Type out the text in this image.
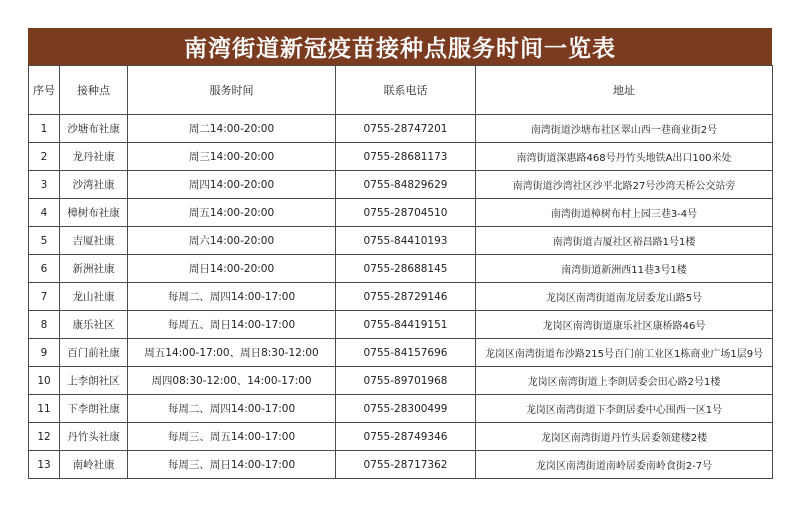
南湾街道新冠疫苗接种点服务时间一览表
序号	接种点	服务时间	联系电话	地址
1	沙塘布社康	周二14:00-20:00	0755-28747201	南湾街道沙塘布社区翠山西一巷商业街2号
2	龙丹社康	周三14:00-20:00	0755-28681173	南湾街道深惠路468号丹竹头地铁A出口100米处
3	沙湾社康	周四14:00-20:00	0755-84829629	南湾街道沙湾社区沙平北路27号沙湾天桥公交站旁
4	樟树布社康	周五14:00-20:00	0755-28704510	南湾街道樟树布村上园三巷3-4号
5	吉厦社康	周六14:00-20:00	0755-84410193	南湾街道吉厦社区裕昌路1号1楼
6	新洲社康	周日14:00-20:00	0755-28688145	南湾街道新洲西11巷3号1楼
7	龙山社康	每周二、周四14:00-17:00	0755-28729146	龙岗区南湾街道南龙居委龙山路5号
8	康乐社区	每周五、周日14:00-17:00	0755-84419151	龙岗区南湾街道康乐社区康桥路46号
9	百门前社康	周五14:00-17:00、周日8:30-12:00	0755-84157696	龙岗区南湾街道布沙路215号百门前工业区1栋商业广场1层9号
10	上李朗社区	周四08:30-12:00、14:00-17:00	0755-89701968	龙岗区南湾街道上李朗居委会田心路2号1楼
11	下李朗社康	每周二、周四14:00-17:00	0755-28300499	龙岗区南湾街道下李朗居委中心围西一区1号
12	丹竹头社康	每周三、周五14:00-17:00	0755-28749346	龙岗区南湾街道丹竹头居委领建楼2楼
13	南岭社康	每周三、周日14:00-17:00	0755-28717362	龙岗区南湾街道南岭居委南岭食街2-7号
